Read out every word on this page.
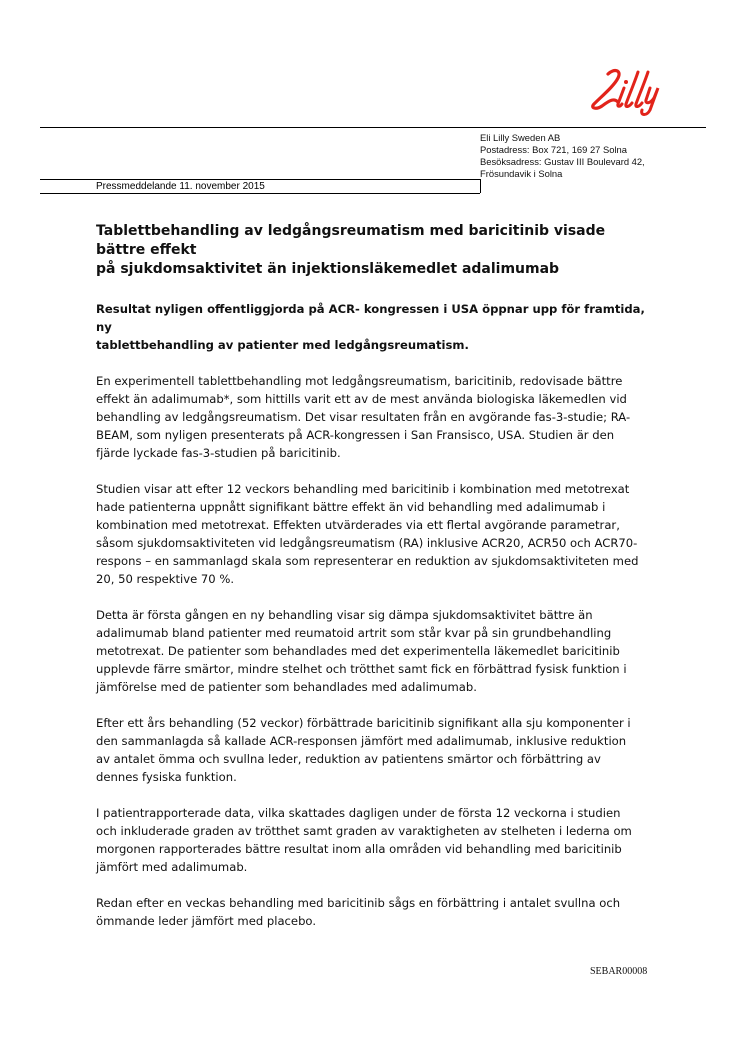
Eli Lilly Sweden AB
Postadress: Box 721, 169 27 Solna
Besöksadress: Gustav III Boulevard 42,
Frösundavik i Solna
Pressmeddelande 11. november 2015
Tablettbehandling av ledgångsreumatism med baricitinib visade bättre effekt
på sjukdomsaktivitet än injektionsläkemedlet adalimumab

Resultat nyligen offentliggjorda på ACR- kongressen i USA öppnar upp för framtida, ny
tablettbehandling av patienter med ledgångsreumatism.

En experimentell tablettbehandling mot ledgångsreumatism, baricitinib, redovisade bättre
effekt än adalimumab*, som hittills varit ett av de mest använda biologiska läkemedlen vid
behandling av ledgångsreumatism. Det visar resultaten från en avgörande fas-3-studie; RA-
BEAM, som nyligen presenterats på ACR-kongressen i San Fransisco, USA. Studien är den
fjärde lyckade fas-3-studien på baricitinib.

Studien visar att efter 12 veckors behandling med baricitinib i kombination med metotrexat
hade patienterna uppnått signifikant bättre effekt än vid behandling med adalimumab i
kombination med metotrexat. Effekten utvärderades via ett flertal avgörande parametrar,
såsom sjukdomsaktiviteten vid ledgångsreumatism (RA) inklusive ACR20, ACR50 och ACR70-
respons – en sammanlagd skala som representerar en reduktion av sjukdomsaktiviteten med
20, 50 respektive 70 %.

Detta är första gången en ny behandling visar sig dämpa sjukdomsaktivitet bättre än
adalimumab bland patienter med reumatoid artrit som står kvar på sin grundbehandling
metotrexat. De patienter som behandlades med det experimentella läkemedlet baricitinib
upplevde färre smärtor, mindre stelhet och trötthet samt fick en förbättrad fysisk funktion i
jämförelse med de patienter som behandlades med adalimumab.

Efter ett års behandling (52 veckor) förbättrade baricitinib signifikant alla sju komponenter i
den sammanlagda så kallade ACR-responsen jämfört med adalimumab, inklusive reduktion
av antalet ömma och svullna leder, reduktion av patientens smärtor och förbättring av
dennes fysiska funktion.

I patientrapporterade data, vilka skattades dagligen under de första 12 veckorna i studien
och inkluderade graden av trötthet samt graden av varaktigheten av stelheten i lederna om
morgonen rapporterades bättre resultat inom alla områden vid behandling med baricitinib
jämfört med adalimumab.

Redan efter en veckas behandling med baricitinib sågs en förbättring i antalet svullna och
ömmande leder jämfört med placebo.

SEBAR00008
